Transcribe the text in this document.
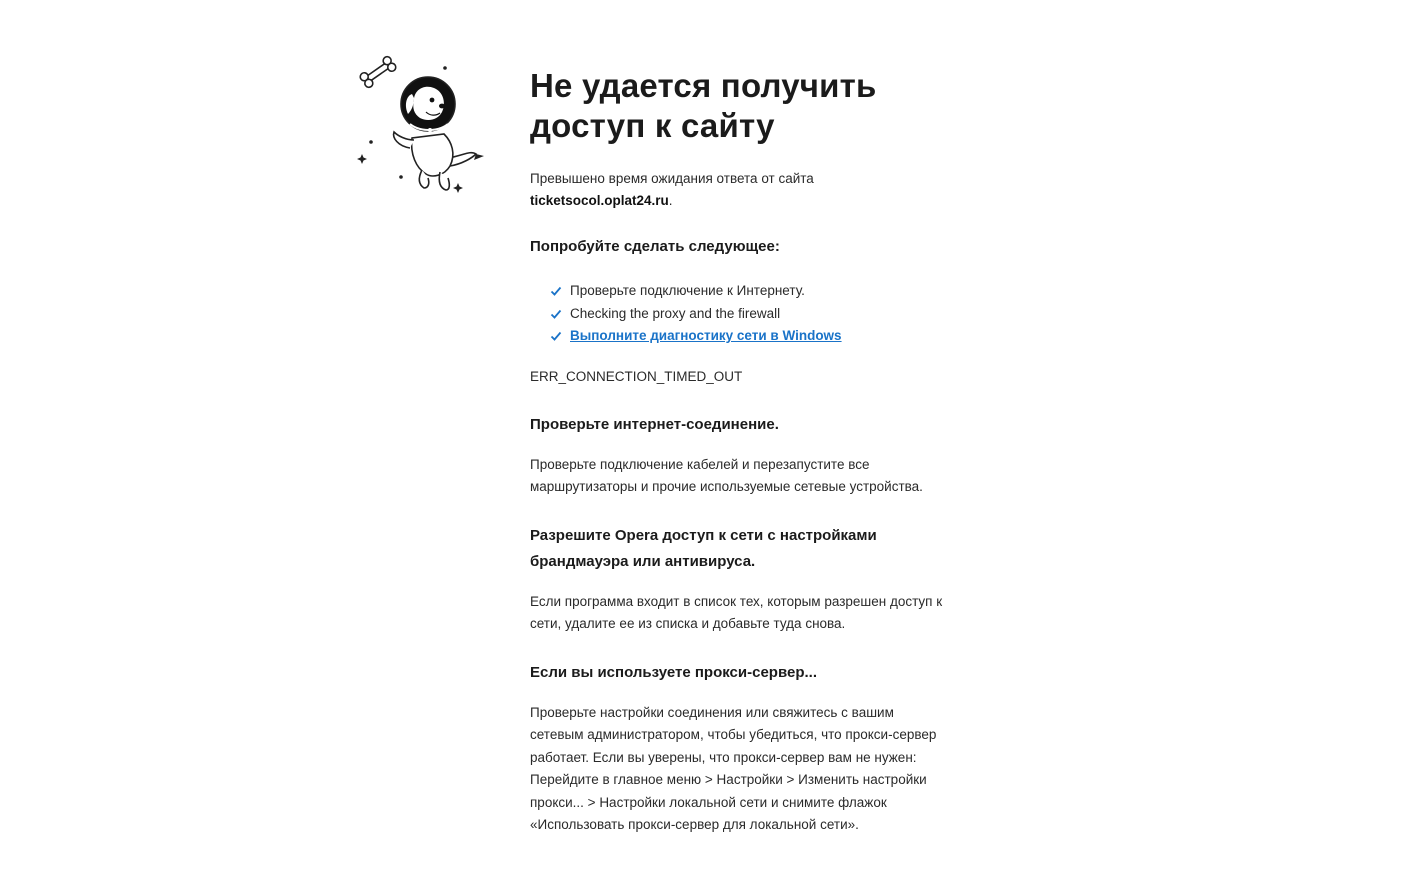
Не удается получить доступ к сайту
Превышено время ожидания ответа от сайта
ticketsocol.oplat24.ru.
Попробуйте сделать следующее:
Проверьте подключение к Интернету.
Checking the proxy and the firewall
Выполните диагностику сети в Windows
ERR_CONNECTION_TIMED_OUT
Проверьте интернет-соединение.

Проверьте подключение кабелей и перезапустите все маршрутизаторы и прочие используемые сетевые устройства.

Разрешите Opera доступ к сети с настройками брандмауэра или антивируса.

Если программа входит в список тех, которым разрешен доступ к сети, удалите ее из списка и добавьте туда снова.

Если вы используете прокси-сервер...

Проверьте настройки соединения или свяжитесь с вашим сетевым администратором, чтобы убедиться, что прокси-сервер работает. Если вы уверены, что прокси-сервер вам не нужен: Перейдите в главное меню > Настройки > Изменить настройки прокси... > Настройки локальной сети и снимите флажок «Использовать прокси-сервер для локальной сети».
